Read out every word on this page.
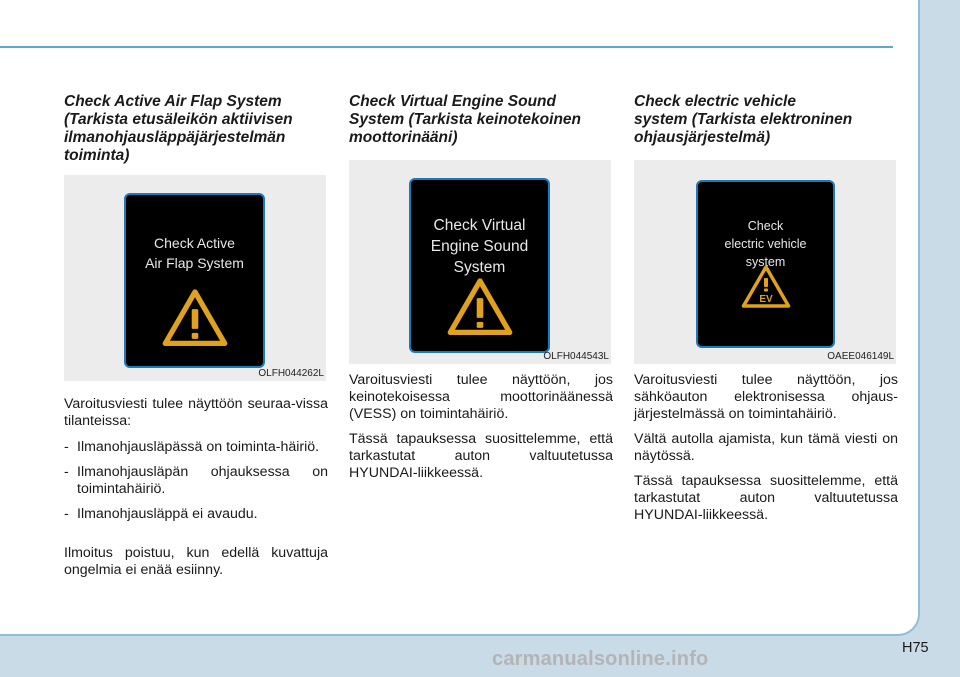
Check Active Air Flap System
(Tarkista etusäleikön aktiivisen
ilmanohjausläppäjärjestelmän
toiminta)

Check Active
Air Flap System

OLFH044262L

Varoitusviesti tulee näyttöön seuraa-vissa tilanteissa:

- Ilmanohjausläpässä on toiminta-häiriö.

- Ilmanohjausläpän ohjauksessa on toimintahäiriö.

- Ilmanohjausläppä ei avaudu.

Ilmoitus poistuu, kun edellä kuvattuja ongelmia ei enää esiinny.

Check Virtual Engine Sound
System (Tarkista keinotekoinen
moottorinääni)

Check Virtual
Engine Sound
System

OLFH044543L

Varoitusviesti tulee näyttöön, jos keinotekoisessa moottorinäänessä (VESS) on toimintahäiriö.

Tässä tapauksessa suosittelemme, että tarkastutat auton valtuutetussa HYUNDAI-liikkeessä.

Check electric vehicle
system (Tarkista elektroninen
ohjausjärjestelmä)

Check
electric vehicle
system

EV

OAEE046149L

Varoitusviesti tulee näyttöön, jos sähköauton elektronisessa ohjaus-järjestelmässä on toimintahäiriö.

Vältä autolla ajamista, kun tämä viesti on näytössä.

Tässä tapauksessa suosittelemme, että tarkastutat auton valtuutetussa HYUNDAI-liikkeessä.

H75
carmanualsonline.info
